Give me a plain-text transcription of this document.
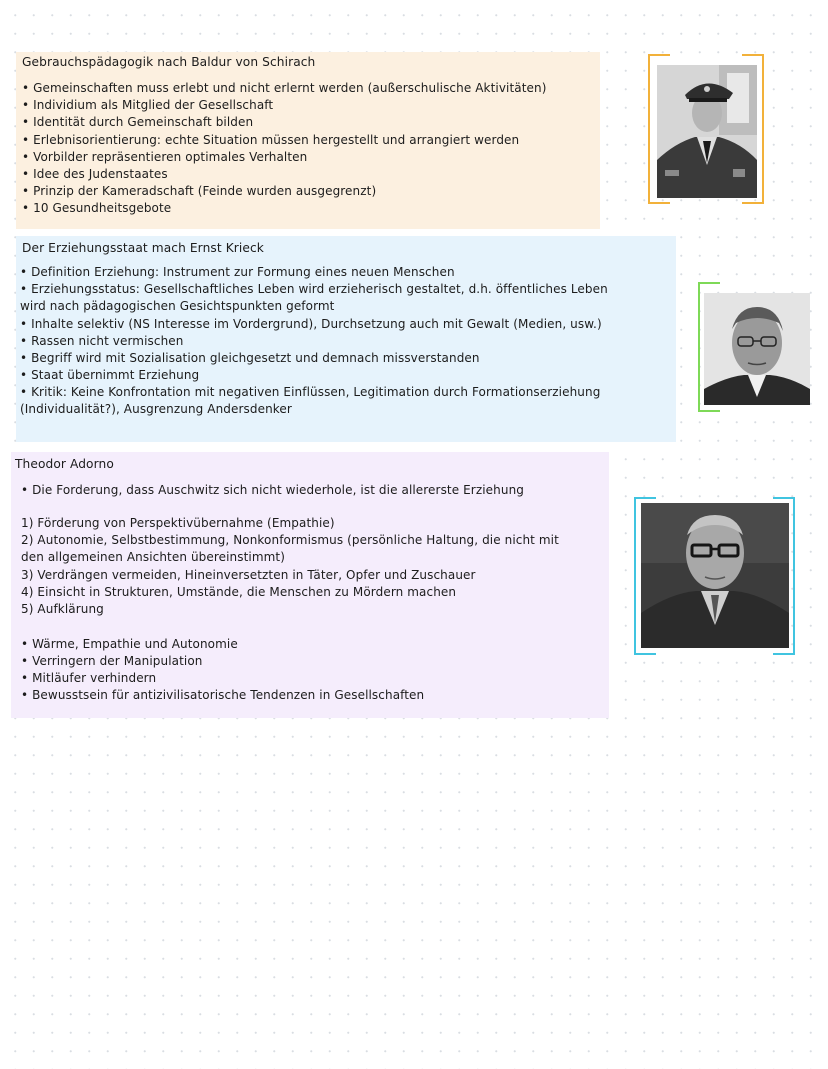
Gebrauchspädagogik nach Baldur von Schirach

• Gemeinschaften muss erlebt und nicht erlernt werden (außerschulische Aktivitäten)

• Individium als Mitglied der Gesellschaft

• Identität durch Gemeinschaft bilden

• Erlebnisorientierung: echte Situation müssen hergestellt und arrangiert werden

• Vorbilder repräsentieren optimales Verhalten

• Idee des Judenstaates

• Prinzip der Kameradschaft (Feinde wurden ausgegrenzt)

• 10 Gesundheitsgebote

Der Erziehungsstaat mach Ernst Krieck

• Definition Erziehung: Instrument zur Formung eines neuen Menschen

• Erziehungsstatus: Gesellschaftliches Leben wird erzieherisch gestaltet, d.h. öffentliches Leben

wird nach pädagogischen Gesichtspunkten geformt

• Inhalte selektiv (NS Interesse im Vordergrund), Durchsetzung auch mit Gewalt (Medien, usw.)

• Rassen nicht vermischen

• Begriff wird mit Sozialisation gleichgesetzt und demnach missverstanden

• Staat übernimmt Erziehung

• Kritik: Keine Konfrontation mit negativen Einflüssen, Legitimation durch Formationserziehung

(Individualität?), Ausgrenzung Andersdenker

Theodor Adorno

• Die Forderung, dass Auschwitz sich nicht wiederhole, ist die allererste Erziehung

1) Förderung von Perspektivübernahme (Empathie)

2) Autonomie, Selbstbestimmung, Nonkonformismus (persönliche Haltung, die nicht mit

den allgemeinen Ansichten übereinstimmt)

3) Verdrängen vermeiden, Hineinversetzten in Täter, Opfer und Zuschauer

4) Einsicht in Strukturen, Umstände, die Menschen zu Mördern machen

5) Aufklärung

• Wärme, Empathie und Autonomie

• Verringern der Manipulation

• Mitläufer verhindern

• Bewusstsein für antizivilisatorische Tendenzen in Gesellschaften
